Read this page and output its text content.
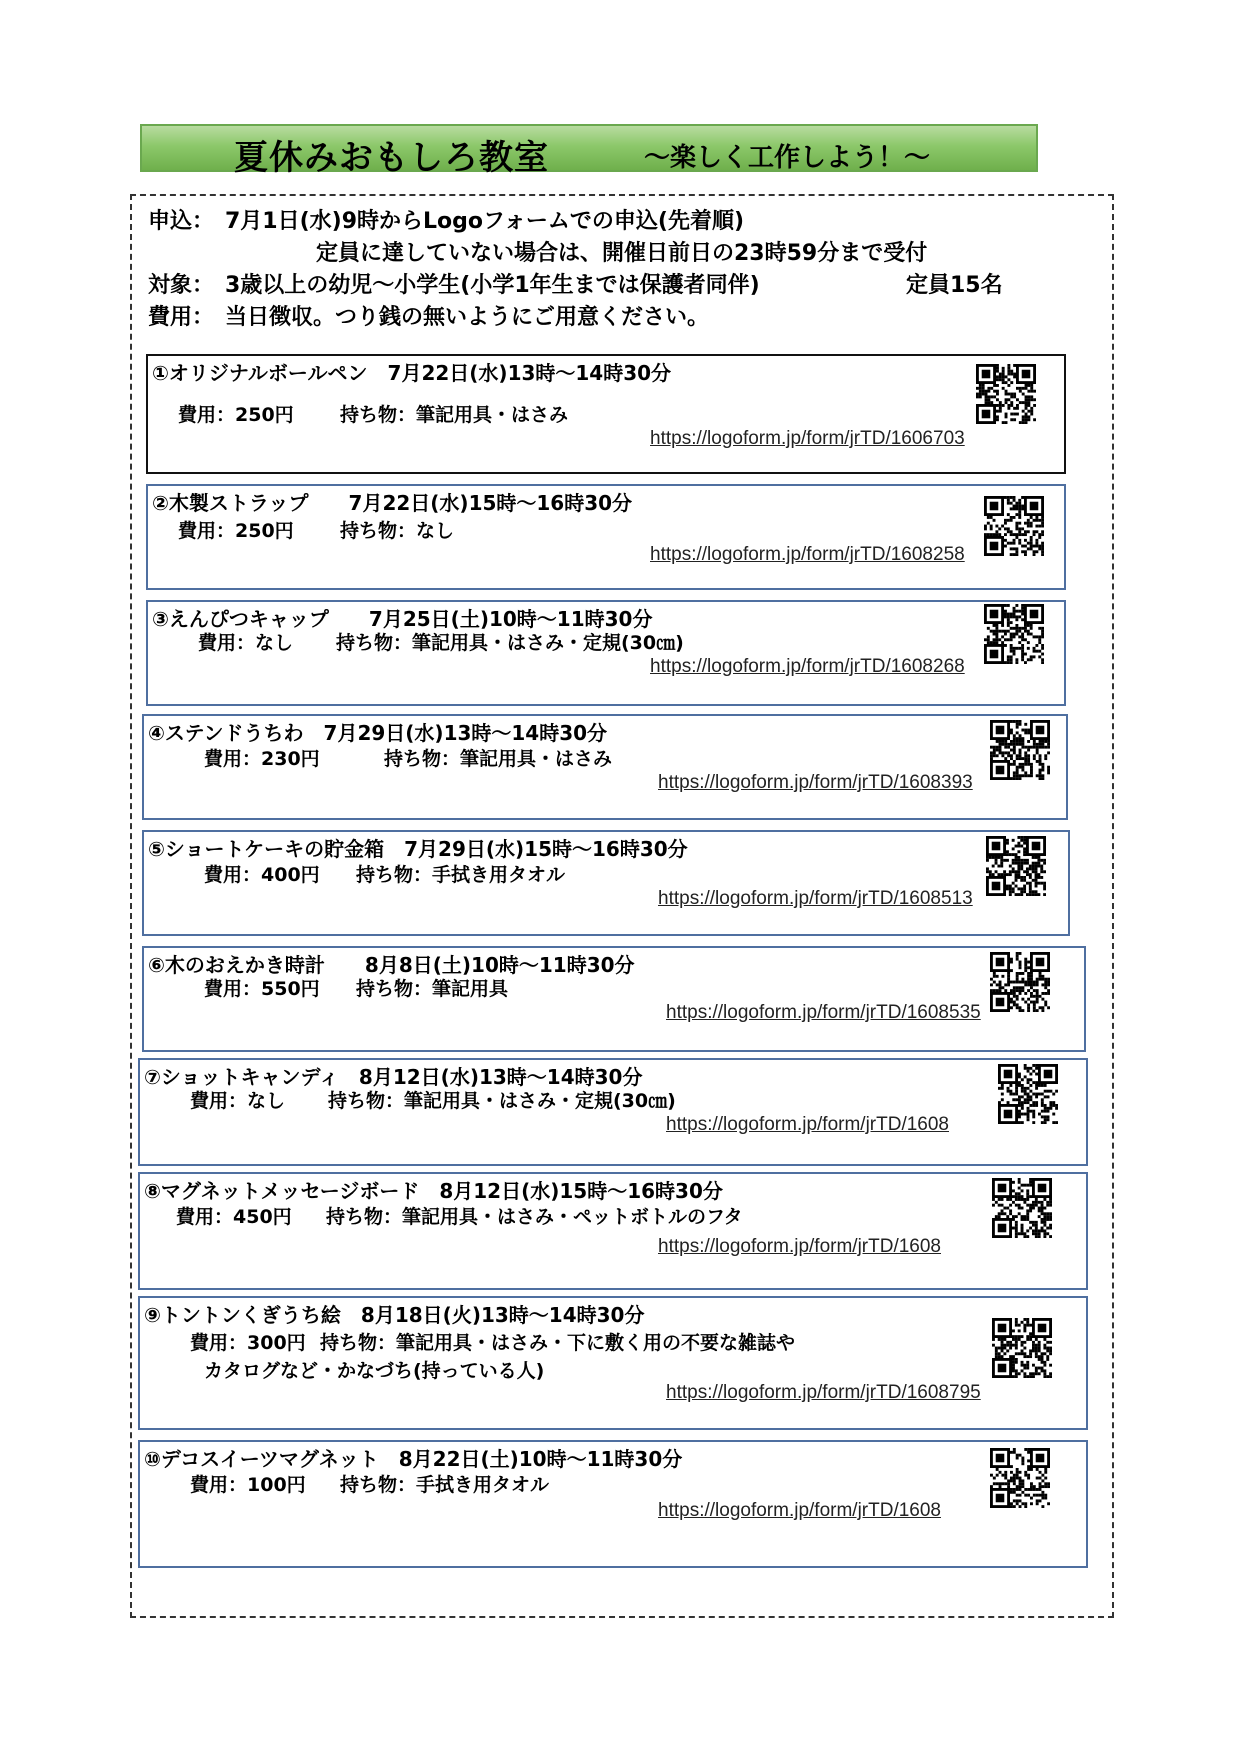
夏休みおもしろ教室	～楽しく工作しよう！～
申込：　7月1日(水)9時からLogoフォームでの申込(先着順)
定員に達していない場合は、開催日前日の23時59分まで受付
対象：　3歳以上の幼児～小学生(小学1年生までは保護者同伴)	定員15名
費用：　当日徴収。つり銭の無いようにご用意ください。
①オリジナルボールペン　7月22日(水)13時～14時30分
費用：250円 持ち物：筆記用具・はさみ
https://logoform.jp/form/jrTD/1606703
②木製ストラップ　　7月22日(水)15時～16時30分
費用：250円 持ち物：なし
https://logoform.jp/form/jrTD/1608258
③えんぴつキャップ　　7月25日(土)10時～11時30分
費用：なし 持ち物：筆記用具・はさみ・定規(30㎝)
https://logoform.jp/form/jrTD/1608268
④ステンドうちわ　7月29日(水)13時～14時30分
費用：230円	持ち物：筆記用具・はさみ
https://logoform.jp/form/jrTD/1608393
⑤ショートケーキの貯金箱　7月29日(水)15時～16時30分
費用：400円 持ち物：手拭き用タオル
https://logoform.jp/form/jrTD/1608513
⑥木のおえかき時計　　8月8日(土)10時～11時30分
費用：550円 持ち物：筆記用具
https://logoform.jp/form/jrTD/1608535
⑦ショットキャンディ　8月12日(水)13時～14時30分
費用：なし 持ち物：筆記用具・はさみ・定規(30㎝)
https://logoform.jp/form/jrTD/1608
⑧マグネットメッセージボード　8月12日(水)15時～16時30分
費用：450円 持ち物：筆記用具・はさみ・ペットボトルのフタ
https://logoform.jp/form/jrTD/1608
⑨トントンくぎうち絵　8月18日(火)13時～14時30分
費用：300円 持ち物：筆記用具・はさみ・下に敷く用の不要な雑誌や
カタログなど・かなづち(持っている人)
https://logoform.jp/form/jrTD/1608795
⑩デコスイーツマグネット　8月22日(土)10時～11時30分
費用：100円 持ち物：手拭き用タオル
https://logoform.jp/form/jrTD/1608
